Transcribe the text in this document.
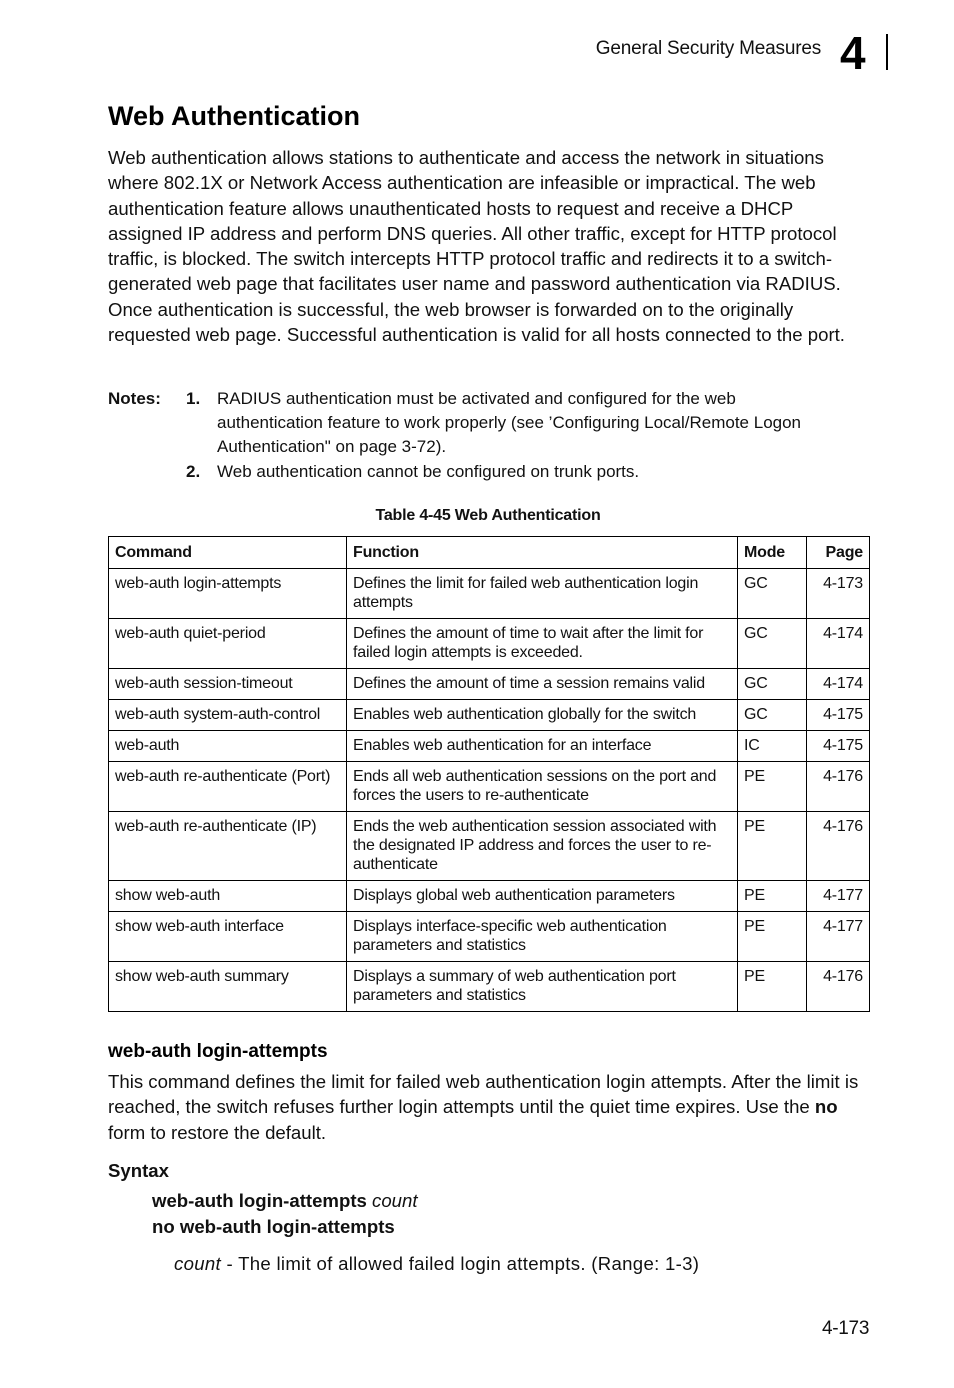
General Security Measures 4
Web Authentication

Web authentication allows stations to authenticate and access the network in situations where 802.1X or Network Access authentication are infeasible or impractical. The web authentication feature allows unauthenticated hosts to request and receive a DHCP assigned IP address and perform DNS queries. All other traffic, except for HTTP protocol traffic, is blocked. The switch intercepts HTTP protocol traffic and redirects it to a switch-generated web page that facilitates user name and password authentication via RADIUS. Once authentication is successful, the web browser is forwarded on to the originally requested web page. Successful authentication is valid for all hosts connected to the port.

Notes: 1. RADIUS authentication must be activated and configured for the web authentication feature to work properly (see ’Configuring Local/Remote Logon Authentication" on page 3-72).
2. Web authentication cannot be configured on trunk ports.
Table 4-45 Web Authentication
Command	Function	Mode	Page
web-auth login-attempts	Defines the limit for failed web authentication login attempts	GC	4-173
web-auth quiet-period	Defines the amount of time to wait after the limit for failed login attempts is exceeded.	GC	4-174
web-auth session-timeout	Defines the amount of time a session remains valid	GC	4-174
web-auth system-auth-control	Enables web authentication globally for the switch	GC	4-175
web-auth	Enables web authentication for an interface	IC	4-175
web-auth re-authenticate (Port)	Ends all web authentication sessions on the port and forces the users to re-authenticate	PE	4-176
web-auth re-authenticate (IP)	Ends the web authentication session associated with the designated IP address and forces the user to re-authenticate	PE	4-176
show web-auth	Displays global web authentication parameters	PE	4-177
show web-auth interface	Displays interface-specific web authentication parameters and statistics	PE	4-177
show web-auth summary	Displays a summary of web authentication port parameters and statistics	PE	4-176
web-auth login-attempts

This command defines the limit for failed web authentication login attempts. After the limit is reached, the switch refuses further login attempts until the quiet time expires. Use the no form to restore the default.

Syntax
web-auth login-attempts count
no web-auth login-attempts
count - The limit of allowed failed login attempts. (Range: 1-3)
4-173
